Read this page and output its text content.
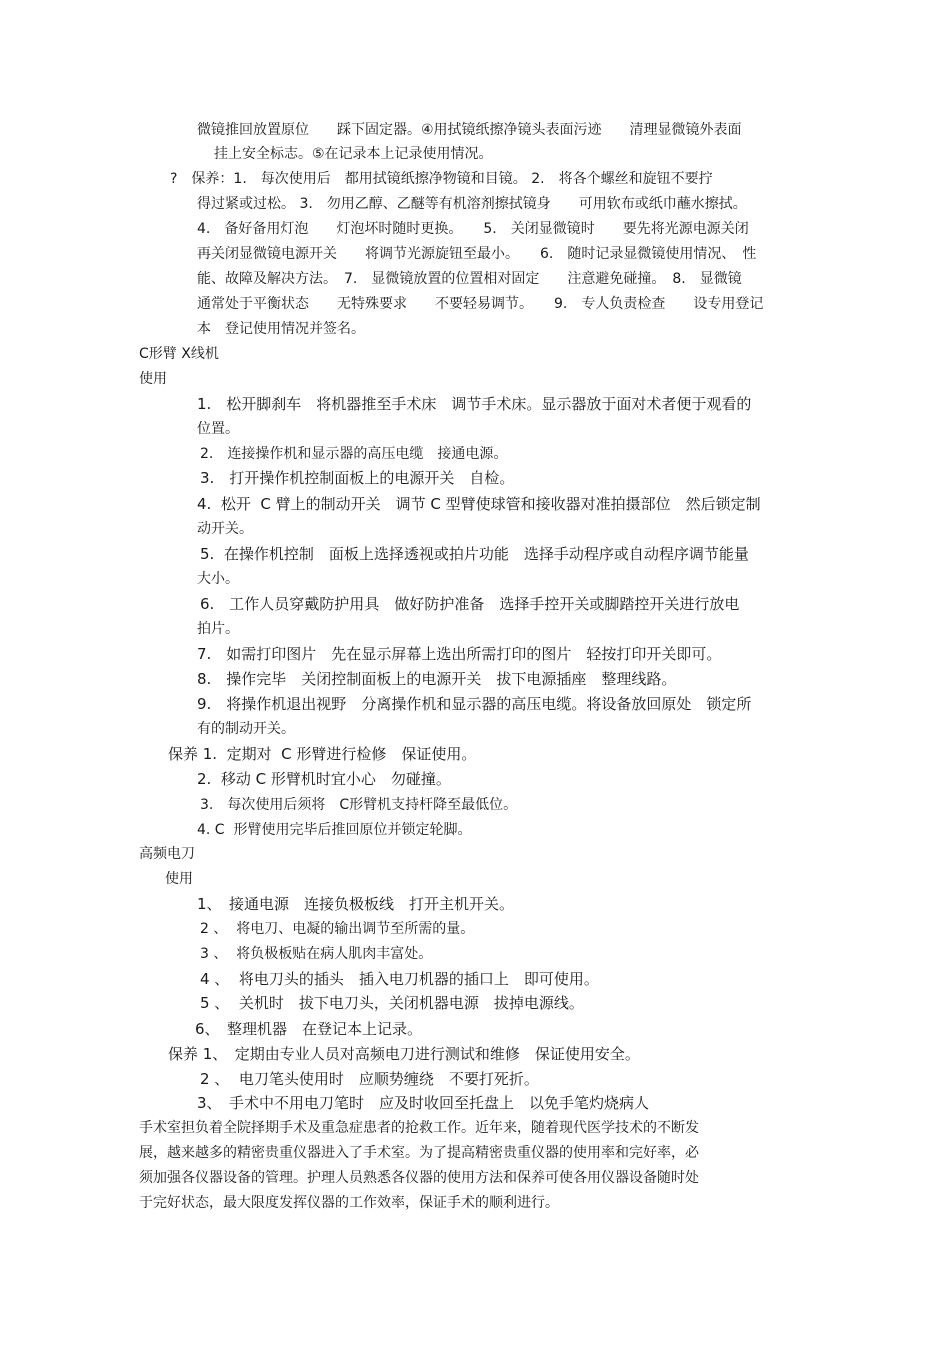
微镜推回放置原位　　踩下固定器。④用拭镜纸擦净镜头表面污迹　　清理显微镜外表面

挂上安全标志。⑤在记录本上记录使用情况。

?　保养：1.　每次使用后　都用拭镜纸擦净物镜和目镜。 2.　将各个螺丝和旋钮不要拧

得过紧或过松。 3.　勿用乙醇、乙醚等有机溶剂擦拭镜身　　可用软布或纸巾蘸水擦拭。

4.　备好备用灯泡　　灯泡坏时随时更换。　　5.　关闭显微镜时　　要先将光源电源关闭

再关闭显微镜电源开关　　将调节光源旋钮至最小。　　6.　随时记录显微镜使用情况、　性

能、故障及解决方法。　7.　显微镜放置的位置相对固定　　注意避免碰撞。　8.　显微镜

通常处于平衡状态　　无特殊要求　　不要轻易调节。　　9.　专人负责检查　　设专用登记

本　登记使用情况并签名。

C形臂 X线机

使用

1.　松开脚刹车　将机器推至手术床　调节手术床。显示器放于面对术者便于观看的

位置。

2.　连接操作机和显示器的高压电缆　接通电源。

3.　打开操作机控制面板上的电源开关　自检。

4.  松开  C 臂上的制动开关　调节 C 型臂使球管和接收器对准拍摄部位　然后锁定制

动开关。

5.  在操作机控制　面板上选择透视或拍片功能　选择手动程序或自动程序调节能量

大小。

6.　工作人员穿戴防护用具　做好防护准备　选择手控开关或脚踏控开关进行放电

拍片。

7.　如需打印图片　先在显示屏幕上选出所需打印的图片　轻按打印开关即可。

8.　操作完毕　关闭控制面板上的电源开关　拔下电源插座　整理线路。

9.　将操作机退出视野　分离操作机和显示器的高压电缆。将设备放回原处　锁定所

有的制动开关。

保养 1.  定期对  C 形臂进行检修　保证使用。

2.  移动 C 形臂机时宜小心　勿碰撞。

3.　每次使用后须将　C形臂机支持杆降至最低位。

4. C  形臂使用完毕后推回原位并锁定轮脚。

高频电刀

使用

1、　接通电源　连接负极板线　打开主机开关。

2 、  将电刀、电凝的输出调节至所需的量。

3 、  将负极板贴在病人肌肉丰富处。

4 、  将电刀头的插头　插入电刀机器的插口上　即可使用。

5 、  关机时　拔下电刀头，关闭机器电源　拔掉电源线。

6、　整理机器　在登记本上记录。

保养 1、　定期由专业人员对高频电刀进行测试和维修　保证使用安全。

2 、  电刀笔头使用时　应顺势缠绕　不要打死折。

3、　手术中不用电刀笔时　应及时收回至托盘上　以免手笔灼烧病人

手术室担负着全院择期手术及重急症患者的抢救工作。近年来，随着现代医学技术的不断发

展，越来越多的精密贵重仪器进入了手术室。为了提高精密贵重仪器的使用率和完好率，必

须加强各仪器设备的管理。护理人员熟悉各仪器的使用方法和保养可使各用仪器设备随时处

于完好状态，最大限度发挥仪器的工作效率，保证手术的顺利进行。
